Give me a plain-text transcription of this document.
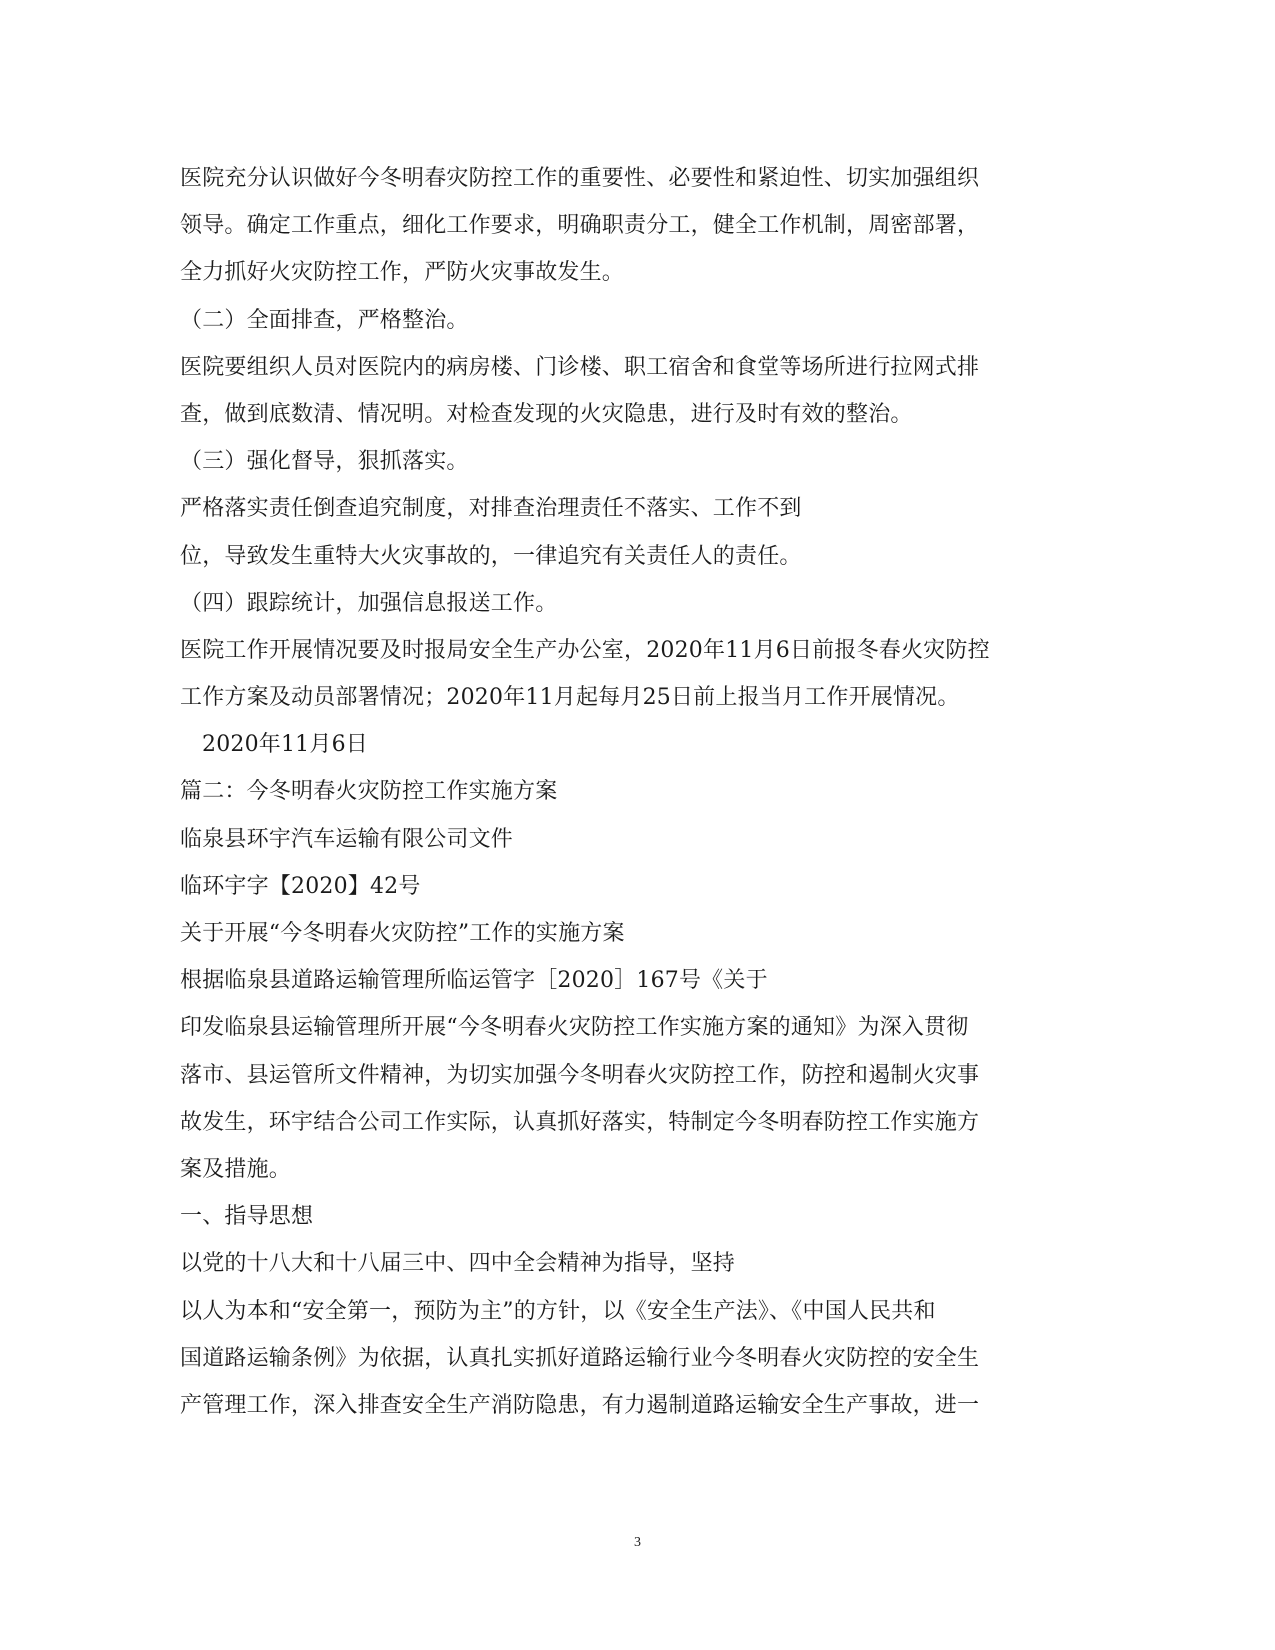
医院充分认识做好今冬明春灾防控工作的重要性、必要性和紧迫性、切实加强组织
领导。确定工作重点，细化工作要求，明确职责分工，健全工作机制，周密部署，
全力抓好火灾防控工作，严防火灾事故发生。
（二）全面排查，严格整治。
医院要组织人员对医院内的病房楼、门诊楼、职工宿舍和食堂等场所进行拉网式排
查，做到底数清、情况明。对检查发现的火灾隐患，进行及时有效的整治。
（三）强化督导，狠抓落实。
严格落实责任倒查追究制度，对排查治理责任不落实、工作不到
位，导致发生重特大火灾事故的，一律追究有关责任人的责任。
（四）跟踪统计，加强信息报送工作。
医院工作开展情况要及时报局安全生产办公室，2020年11月6日前报冬春火灾防控
工作方案及动员部署情况；2020年11月起每月25日前上报当月工作开展情况。
2020年11月6日
篇二：今冬明春火灾防控工作实施方案
临泉县环宇汽车运输有限公司文件
临环宇字【2020】42号
关于开展“今冬明春火灾防控”工作的实施方案
根据临泉县道路运输管理所临运管字［2020］167号《关于
印发临泉县运输管理所开展“今冬明春火灾防控工作实施方案的通知》为深入贯彻
落市、县运管所文件精神，为切实加强今冬明春火灾防控工作，防控和遏制火灾事
故发生，环宇结合公司工作实际，认真抓好落实，特制定今冬明春防控工作实施方
案及措施。
一、指导思想
以党的十八大和十八届三中、四中全会精神为指导，坚持
以人为本和“安全第一，预防为主”的方针，以《安全生产法》、《中国人民共和
国道路运输条例》为依据，认真扎实抓好道路运输行业今冬明春火灾防控的安全生
产管理工作，深入排查安全生产消防隐患，有力遏制道路运输安全生产事故，进一
3
